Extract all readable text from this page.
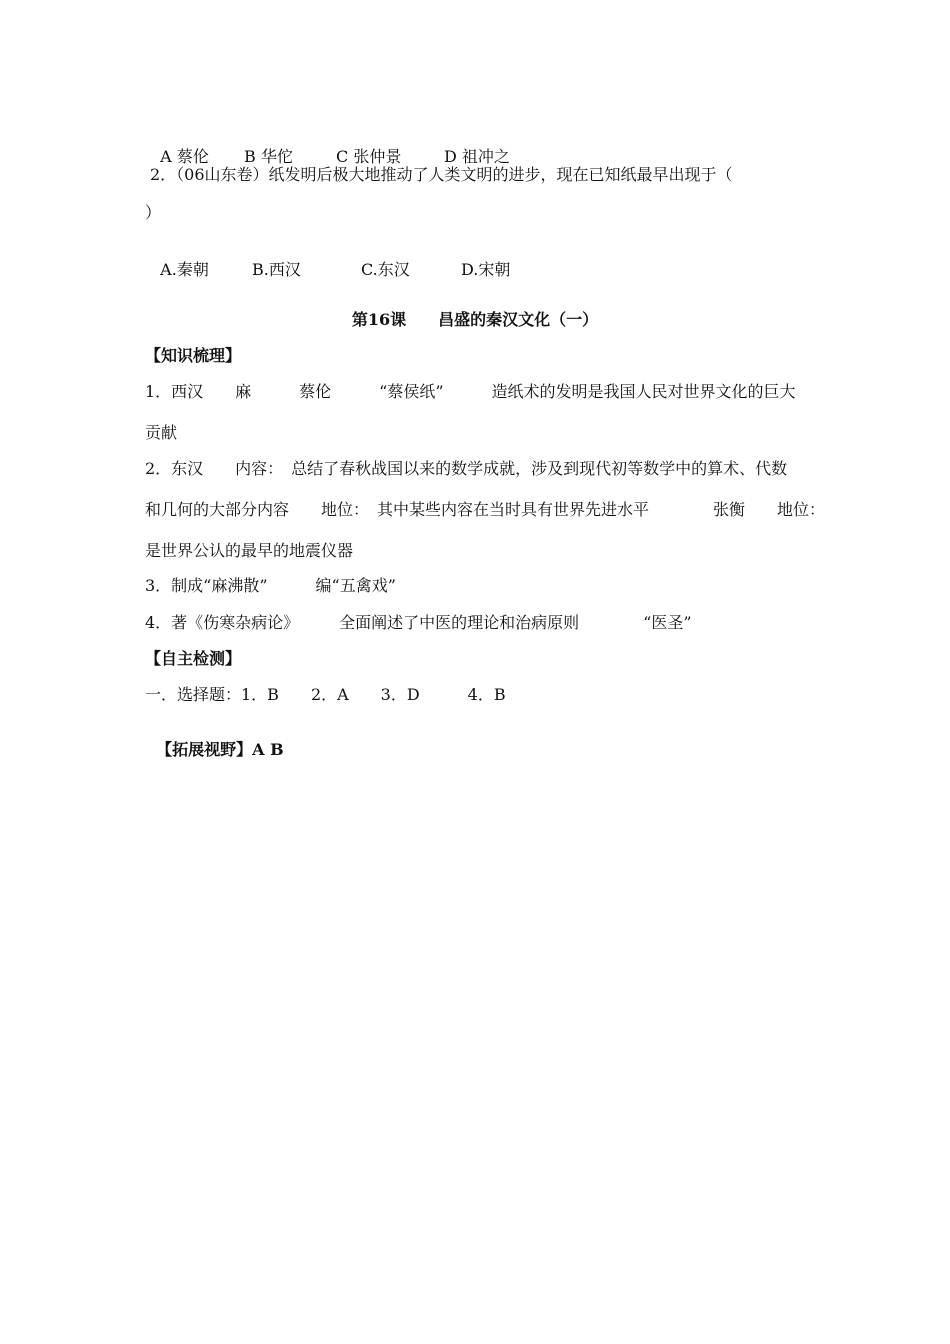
A 蔡伦 B 华佗	C 张仲景	D 祖冲之

2．（06山东卷）纸发明后极大地推动了人类文明的进步，现在已知纸最早出现于（
）

A.秦朝	B.西汉	C.东汉	D.宋朝

第16课　　昌盛的秦汉文化（一）
【知识梳理】
1．西汉　　麻　　　蔡伦　　　“蔡侯纸”　　　造纸术的发明是我国人民对世界文化的巨大
贡献
2．东汉　　内容：　总结了春秋战国以来的数学成就，涉及到现代初等数学中的算术、代数
和几何的大部分内容　　地位：　其中某些内容在当时具有世界先进水平　　　　张衡　　地位：
是世界公认的最早的地震仪器
3．制成“麻沸散”　　　编“五禽戏”
4．著《伤寒杂病论》　　　全面阐述了中医的理论和治病原则　　　　“医圣”
【自主检测】
一．选择题：1．B　　2．A　　3．D　　　4．B

【拓展视野】A B
